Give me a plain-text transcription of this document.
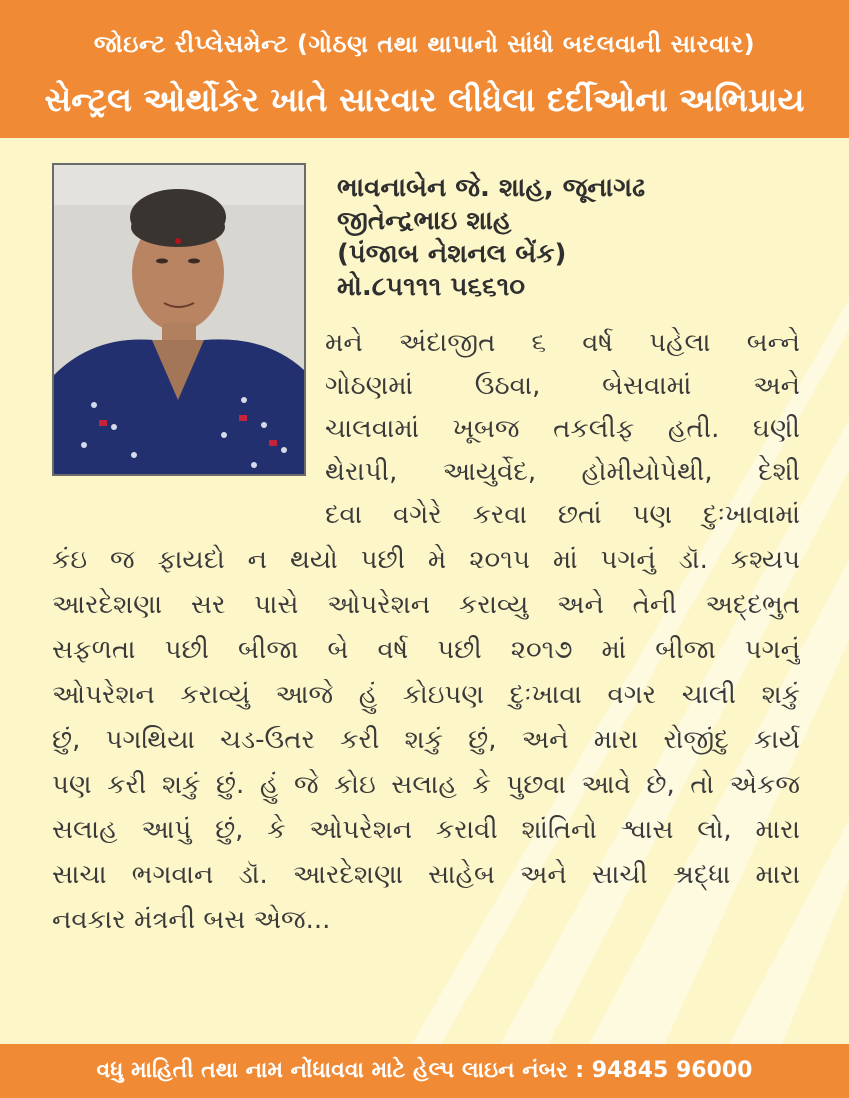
જોઇન્ટ રીપ્લેસમેન્ટ (ગોઠણ તથા થાપાનો સાંધો બદલવાની સારવાર)
સેન્ટ્રલ ઓર્થોકેર ખાતે સારવાર લીધેલા દર્દીઓના અભિપ્રાય
ભાવનાબેન જે. શાહ, જૂનાગઢ
જીતેન્દ્રભાઇ શાહ
(પંજાબ નેશનલ બેંક)
મો.૮૫૧૧૧ ૫૬૬૧૦
મને અંદાજીત ૬ વર્ષ પહેલા બન્ને
ગોઠણમાં ઉઠવા, બેસવામાં અને
ચાલવામાં ખૂબજ તકલીફ હતી. ઘણી
થેરાપી, આયુર્વેદ, હોમીયોપેથી, દેશી
દવા વગેરે કરવા છતાં પણ દુઃખાવામાં
કંઇ જ ફાયદો ન થયો પછી મે ૨૦૧૫ માં પગનું ડૉ. કશ્યપ
આરદેશણા સર પાસે ઓપરેશન કરાવ્યુ અને તેની અદ્દભુત
સફળતા પછી બીજા બે વર્ષ પછી ૨૦૧૭ માં બીજા પગનું
ઓપરેશન કરાવ્યું આજે હું કોઇપણ દુઃખાવા વગર ચાલી શકું
છું, પગથિયા ચડ-ઉતર કરી શકું છું, અને મારા રોજીંદુ કાર્ય
પણ કરી શકું છું. હું જે કોઇ સલાહ કે પુછવા આવે છે, તો એકજ
સલાહ આપું છું, કે ઓપરેશન કરાવી શાંતિનો શ્વાસ લો, મારા
સાચા ભગવાન ડૉ. આરદેશણા સાહેબ અને સાચી શ્રદ્ધા મારા
નવકાર મંત્રની બસ એજ...
વધુ માહિતી તથા નામ નોંધાવવા માટે હેલ્પ લાઇન નંબર : 94845 96000
